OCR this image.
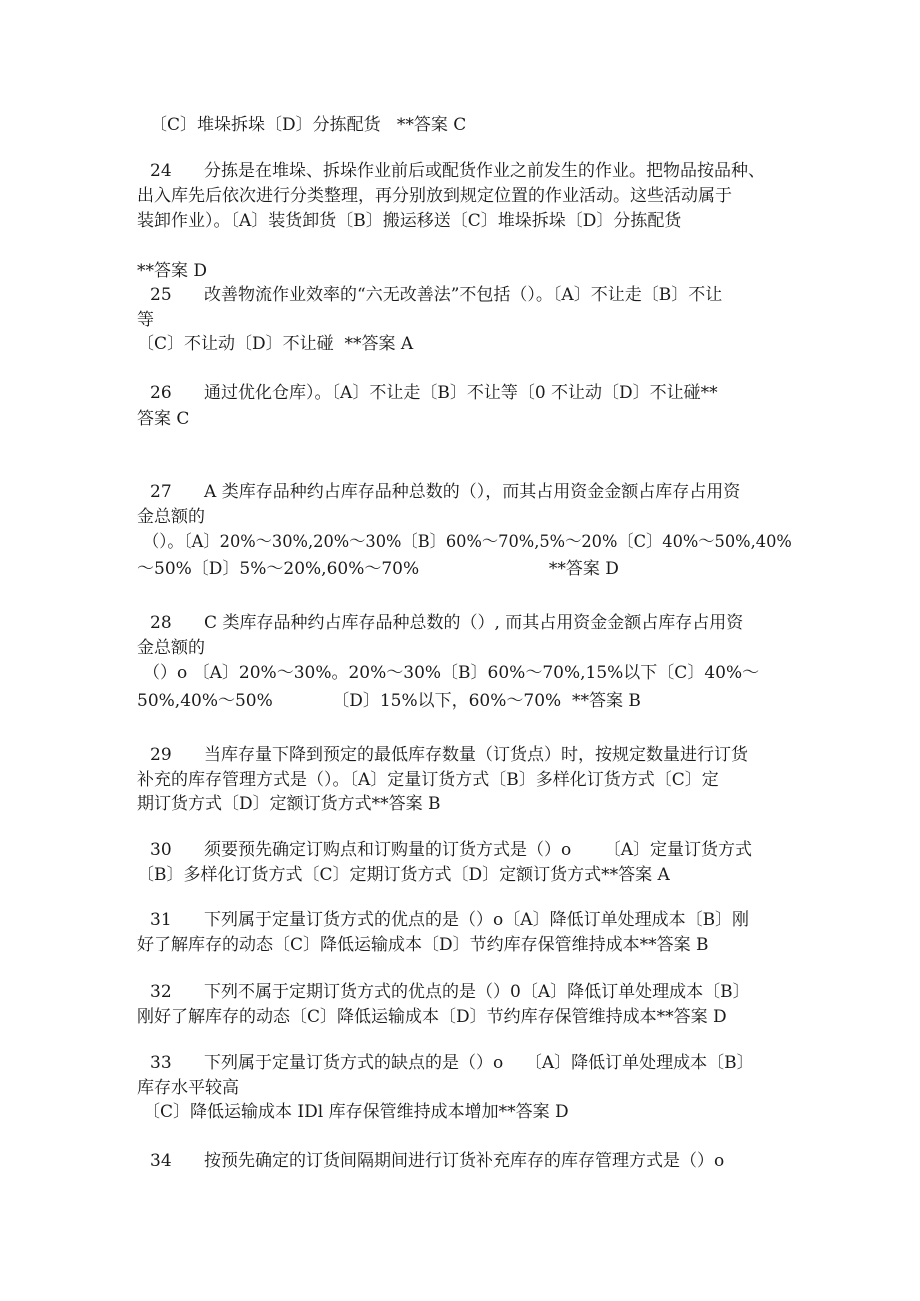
〔C〕堆垛拆垛〔D〕分拣配货   **答案 C
24      分拣是在堆垛、拆垛作业前后或配货作业之前发生的作业。把物品按品种、
出入库先后依次进行分类整理，再分别放到规定位置的作业活动。这些活动属于
装卸作业）。〔A〕装货卸货〔B〕搬运移送〔C〕堆垛拆垛〔D〕分拣配货
**答案 D
25      改善物流作业效率的“六无改善法”不包括（）。〔A〕不让走〔B〕不让
等
〔C〕不让动〔D〕不让碰  **答案 A
26      通过优化仓库）。〔A〕不让走〔B〕不让等〔0 不让动〔D〕不让碰**
答案 C
27      A 类库存品种约占库存品种总数的（），而其占用资金金额占库存占用资
金总额的
（）。〔A〕20%～30%,20%～30%〔B〕60%～70%,5%～20%〔C〕40%～50%,40%
～50%〔D〕5%～20%,60%～70%                        **答案 D
28      C 类库存品种约占库存品种总数的（）, 而其占用资金金额占库存占用资
金总额的
（）o 〔A〕20%～30%。20%～30%〔B〕60%～70%,15%以下〔C〕40%～
50%,40%～50%           〔D〕15%以下，60%～70%  **答案 B
29      当库存量下降到预定的最低库存数量（订货点）时，按规定数量进行订货
补充的库存管理方式是（）。〔A〕定量订货方式〔B〕多样化订货方式〔C〕定
期订货方式〔D〕定额订货方式**答案 B
30      须要预先确定订购点和订购量的订货方式是（）o      〔A〕定量订货方式
〔B〕多样化订货方式〔C〕定期订货方式〔D〕定额订货方式**答案 A
31      下列属于定量订货方式的优点的是（）o〔A〕降低订单处理成本〔B〕刚
好了解库存的动态〔C〕降低运输成本〔D〕节约库存保管维持成本**答案 B
32      下列不属于定期订货方式的优点的是（）0〔A〕降低订单处理成本〔B〕
刚好了解库存的动态〔C〕降低运输成本〔D〕节约库存保管维持成本**答案 D
33      下列属于定量订货方式的缺点的是（）o    〔A〕降低订单处理成本〔B〕
库存水平较高
〔C〕降低运输成本 IDl 库存保管维持成本增加**答案 D
34      按预先确定的订货间隔期间进行订货补充库存的库存管理方式是（）o
